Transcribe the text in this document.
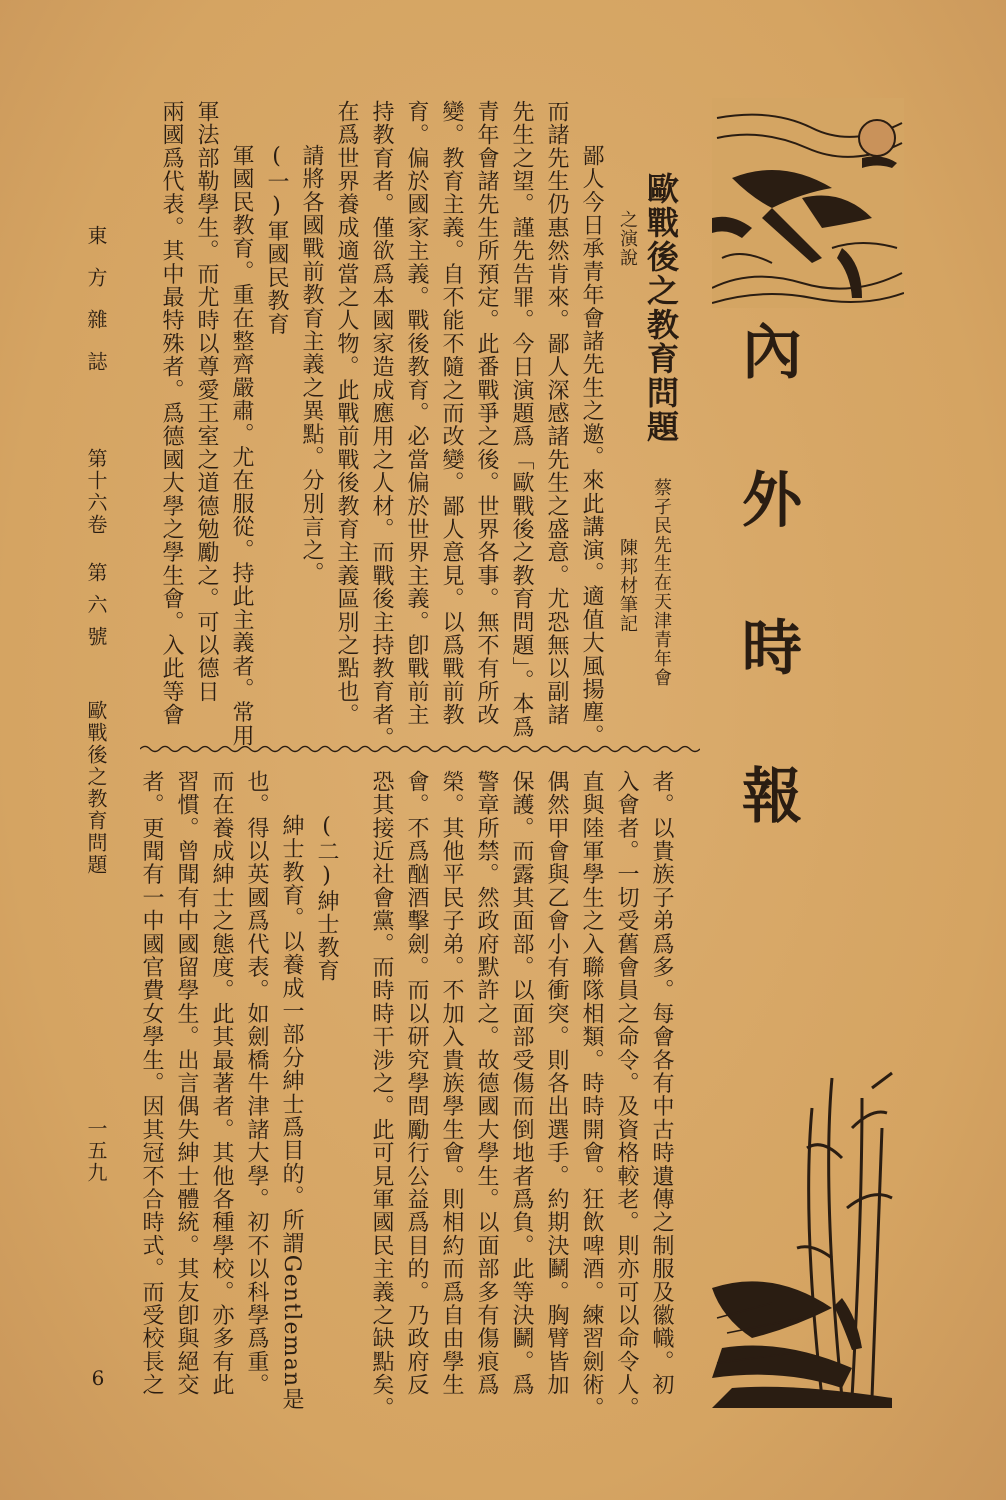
內外時報
歐戰後之教育問題
蔡孑民先生在天津青年會
之演說
陳邦材筆記
鄙人今日承青年會諸先生之邀。來此講演。適值大風揚塵。
而諸先生仍惠然肯來。鄙人深感諸先生之盛意。尤恐無以副諸
先生之望。謹先告罪。今日演題爲「歐戰後之教育問題」。本爲
青年會諸先生所預定。此番戰爭之後。世界各事。無不有所改
變。教育主義。自不能不隨之而改變。鄙人意見。以爲戰前教
育。偏於國家主義。戰後教育。必當偏於世界主義。卽戰前主
持教育者。僅欲爲本國家造成應用之人材。而戰後主持教育者。
在爲世界養成適當之人物。此戰前戰後教育主義區別之點也。
請將各國戰前教育主義之異點。分別言之。
(一)軍國民教育
軍國民教育。重在整齊嚴肅。尤在服從。持此主義者。常用
軍法部勒學生。而尤時以尊愛王室之道德勉勵之。可以德日
兩國爲代表。其中最特殊者。爲德國大學之學生會。入此等會
者。以貴族子弟爲多。每會各有中古時遺傳之制服及徽幟。初
入會者。一切受舊會員之命令。及資格較老。則亦可以命令人。
直與陸軍學生之入聯隊相類。時時開會。狂飲啤酒。練習劍術。
偶然甲會與乙會小有衝突。則各出選手。約期決鬭。胸臂皆加
保護。而露其面部。以面部受傷而倒地者爲負。此等決鬭。爲
警章所禁。然政府默許之。故德國大學生。以面部多有傷痕爲
榮。其他平民子弟。不加入貴族學生會。則相約而爲自由學生
會。不爲酗酒擊劍。而以研究學問勵行公益爲目的。乃政府反
恐其接近社會黨。而時時干涉之。此可見軍國民主義之缺點矣。
(二)紳士教育
紳士教育。以養成一部分紳士爲目的。所謂Gentleman是
也。得以英國爲代表。如劍橋牛津諸大學。初不以科學爲重。
而在養成紳士之態度。此其最著者。其他各種學校。亦多有此
習慣。曾聞有中國留學生。出言偶失紳士體統。其友卽與絕交
者。更聞有一中國官費女學生。因其冠不合時式。而受校長之
東方雜誌
第十六卷
第六號
歐戰後之教育問題
一五九
6
